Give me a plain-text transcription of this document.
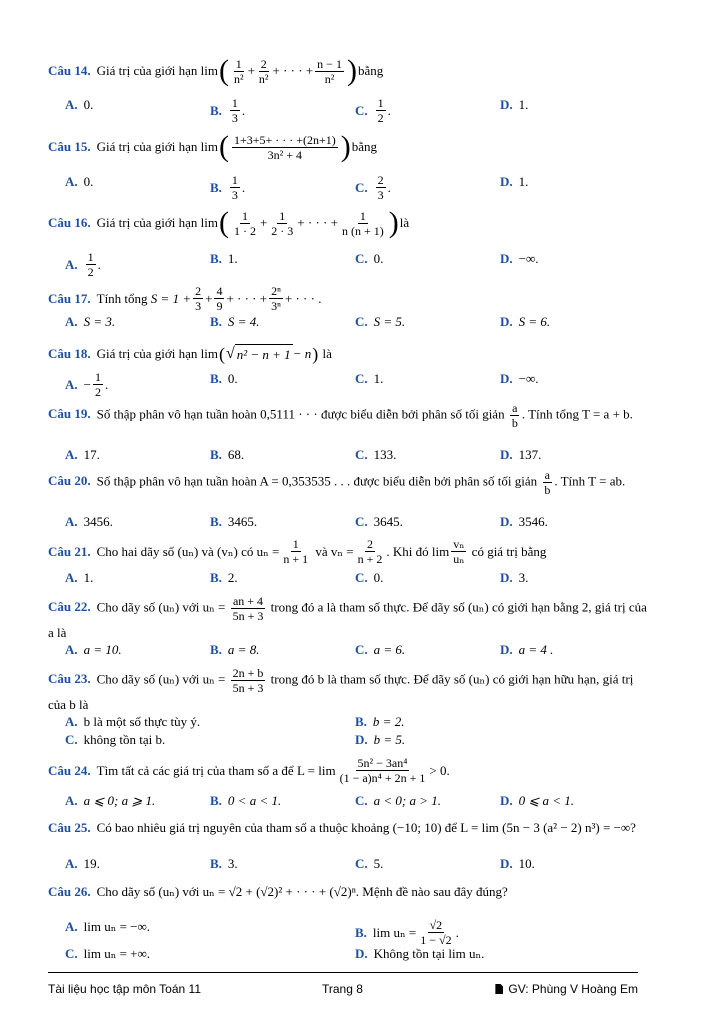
Câu 14. Giá trị của giới hạn lim ( $\frac{1}{\text{n²}} + \frac{2}{\text{n²}}$ + · · · + $\frac{n - 1}{\text{n²}}$ ) bằng
A. 0.	B. $\frac{1}{3}$ .	C. $\frac{1}{2}$ .	D. 1.
Câu 15. Giá trị của giới hạn lim ( $\frac{1+3+5+ \cdot \cdot \cdot +(2n+1)}{\text{3n² + 4}}$ ) bằng
A. 0.	B. $\frac{1}{3}$ .	C. $\frac{2}{3}$ .	D. 1.
Câu 16. Giá trị của giới hạn lim ( $\frac{1}{1 \cdot 2} + \frac{1}{2 \cdot 3}$ + · · · + $\frac{1}{n (n + 1)}$ ) là
A. $\frac{1}{2}$ .	B. 1.	C. 0.	D. −∞.
Câu 17. Tính tổng
$S = 1 + \frac{2}{3} + \frac{4}{9}$ + · · · + $\frac{\text{2ⁿ}}{\text{3ⁿ}}$ + · · · .
A. S = 3.	B. S = 4.	C. S = 5.	D. S = 6.
Câu 18. Giá trị của giới hạn lim ( √ n² − n + 1 − n )
là
A. − $\frac{1}{2}$ .	B. 0.	C. 1.	D. −∞.
Câu 19. Số thập phân vô hạn tuần hoàn 0,5111 · · · được biểu diễn bởi phân số tối giản $\frac{a}{b}$ . Tính tổng T = a + b.
A. 17.	B. 68.	C. 133.	D. 137.
Câu 20. Số thập phân vô hạn tuần hoàn A = 0,353535 . . . được biểu diễn bởi phân số tối giản $\frac{a}{b}$ . Tính T = ab.
A. 3456.	B. 3465.	C. 3645.	D. 3546.
Câu 21. Cho hai dãy số (uₙ) và (vₙ) có $u_n = \frac{1}{n + 1}$
và $v_n = \frac{2}{n + 2}$ . Khi đó $\lim \frac{\text{vₙ}}{\text{uₙ}}$
có giá trị bằng
A. 1.	B. 2.	C. 0.	D. 3.
Câu 22. Cho dãy số (uₙ) với $u_n = \frac{an + 4}{5n + 3}$ trong đó a là tham số thực. Để dãy số (uₙ) có giới hạn bằng 2, giá trị của a là
A. a = 10.	B. a = 8.	C. a = 6.	D. a = 4 .
Câu 23. Cho dãy số (uₙ) với $u_n = \frac{2n + b}{5n + 3}$ trong đó b là tham số thực. Để dãy số (uₙ) có giới hạn hữu hạn, giá trị của b là
A. b là một số thực tùy ý.	B. b = 2.
C. không tồn tại b.	D. b = 5.
Câu 24. Tìm tất cả các giá trị của tham số a để $L = \lim \frac{\text{5n² − 3an⁴}}{\text{(1 − a)n⁴ + 2n + 1}} > 0$.
A. a ⩽ 0; a ⩾ 1.	B. 0 < a < 1.	C. a < 0; a > 1.	D. 0 ⩽ a < 1.
Câu 25. Có bao nhiêu giá trị nguyên của tham số a thuộc khoảng (−10; 10) để L = lim (5n − 3 (a² − 2) n³) = −∞?
A. 19.	B. 3.	C. 5.	D. 10.
Câu 26. Cho dãy số (uₙ) với uₙ = √2 + (√2)² + · · · + (√2)ⁿ. Mệnh đề nào sau đây đúng?
A. lim uₙ = −∞.	B. $\lim u_n = \frac{√2}{1 - √2}$ .
C. lim uₙ = +∞.	D. Không tồn tại lim uₙ.
Tài liệu học tập môn Toán 11	Trang 8	GV: Phùng V Hoàng Em
